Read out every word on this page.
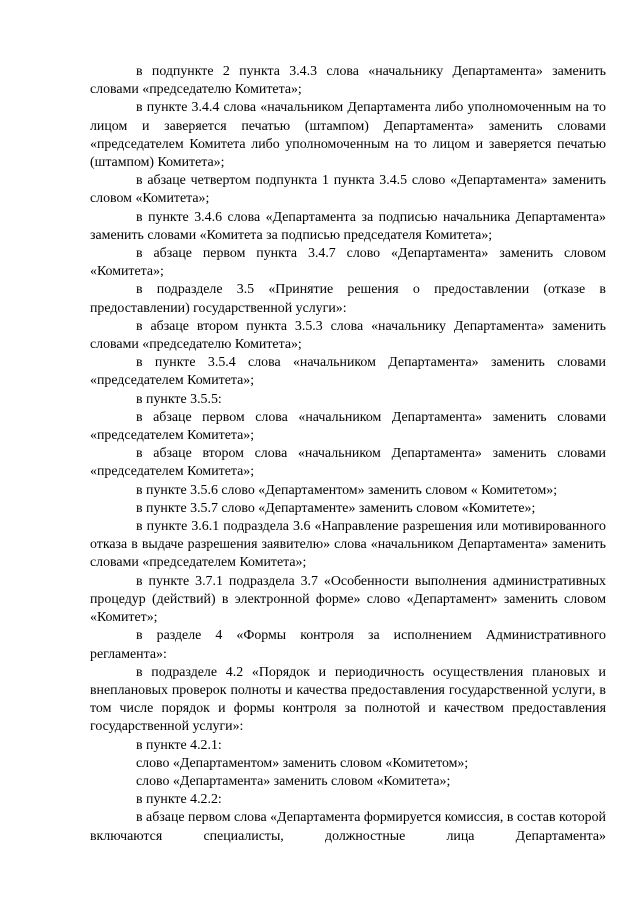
в подпункте 2 пункта 3.4.3 слова «начальнику Департамента» заменить словами «председателю Комитета»;

в пункте 3.4.4 слова «начальником Департамента либо уполномоченным на то лицом и заверяется печатью (штампом) Департамента» заменить словами «председателем Комитета либо уполномоченным на то лицом и заверяется печатью (штампом) Комитета»;

в абзаце четвертом подпункта 1 пункта 3.4.5 слово «Департамента» заменить словом «Комитета»;

в пункте 3.4.6 слова «Департамента за подписью начальника Департамента» заменить словами «Комитета за подписью председателя Комитета»;

в абзаце первом пункта 3.4.7 слово «Департамента» заменить словом «Комитета»;

в подразделе 3.5 «Принятие решения о предоставлении (отказе в предоставлении) государственной услуги»:

в абзаце втором пункта 3.5.3 слова «начальнику Департамента» заменить словами «председателю Комитета»;

в пункте 3.5.4 слова «начальником Департамента» заменить словами «председателем Комитета»;

в пункте 3.5.5:

в абзаце первом слова «начальником Департамента» заменить словами «председателем Комитета»;

в абзаце втором слова «начальником Департамента» заменить словами «председателем Комитета»;

в пункте 3.5.6 слово «Департаментом» заменить словом « Комитетом»;

в пункте 3.5.7 слово «Департаменте» заменить словом «Комитете»;

в пункте 3.6.1 подраздела 3.6 «Направление разрешения или мотивированного отказа в выдаче разрешения заявителю» слова «начальником Департамента» заменить словами «председателем Комитета»;

в пункте 3.7.1 подраздела 3.7 «Особенности выполнения административных процедур (действий) в электронной форме» слово «Департамент» заменить словом «Комитет»;

в разделе 4 «Формы контроля за исполнением Административного регламента»:

в подразделе 4.2 «Порядок и периодичность осуществления плановых и внеплановых проверок полноты и качества предоставления государственной услуги, в том числе порядок и формы контроля за полнотой и качеством предоставления государственной услуги»:

в пункте 4.2.1:

слово «Департаментом» заменить словом «Комитетом»;

слово «Департамента» заменить словом «Комитета»;

в пункте 4.2.2:

в абзаце первом слова «Департамента формируется комиссия, в состав которой включаются специалисты, должностные лица Департамента»
